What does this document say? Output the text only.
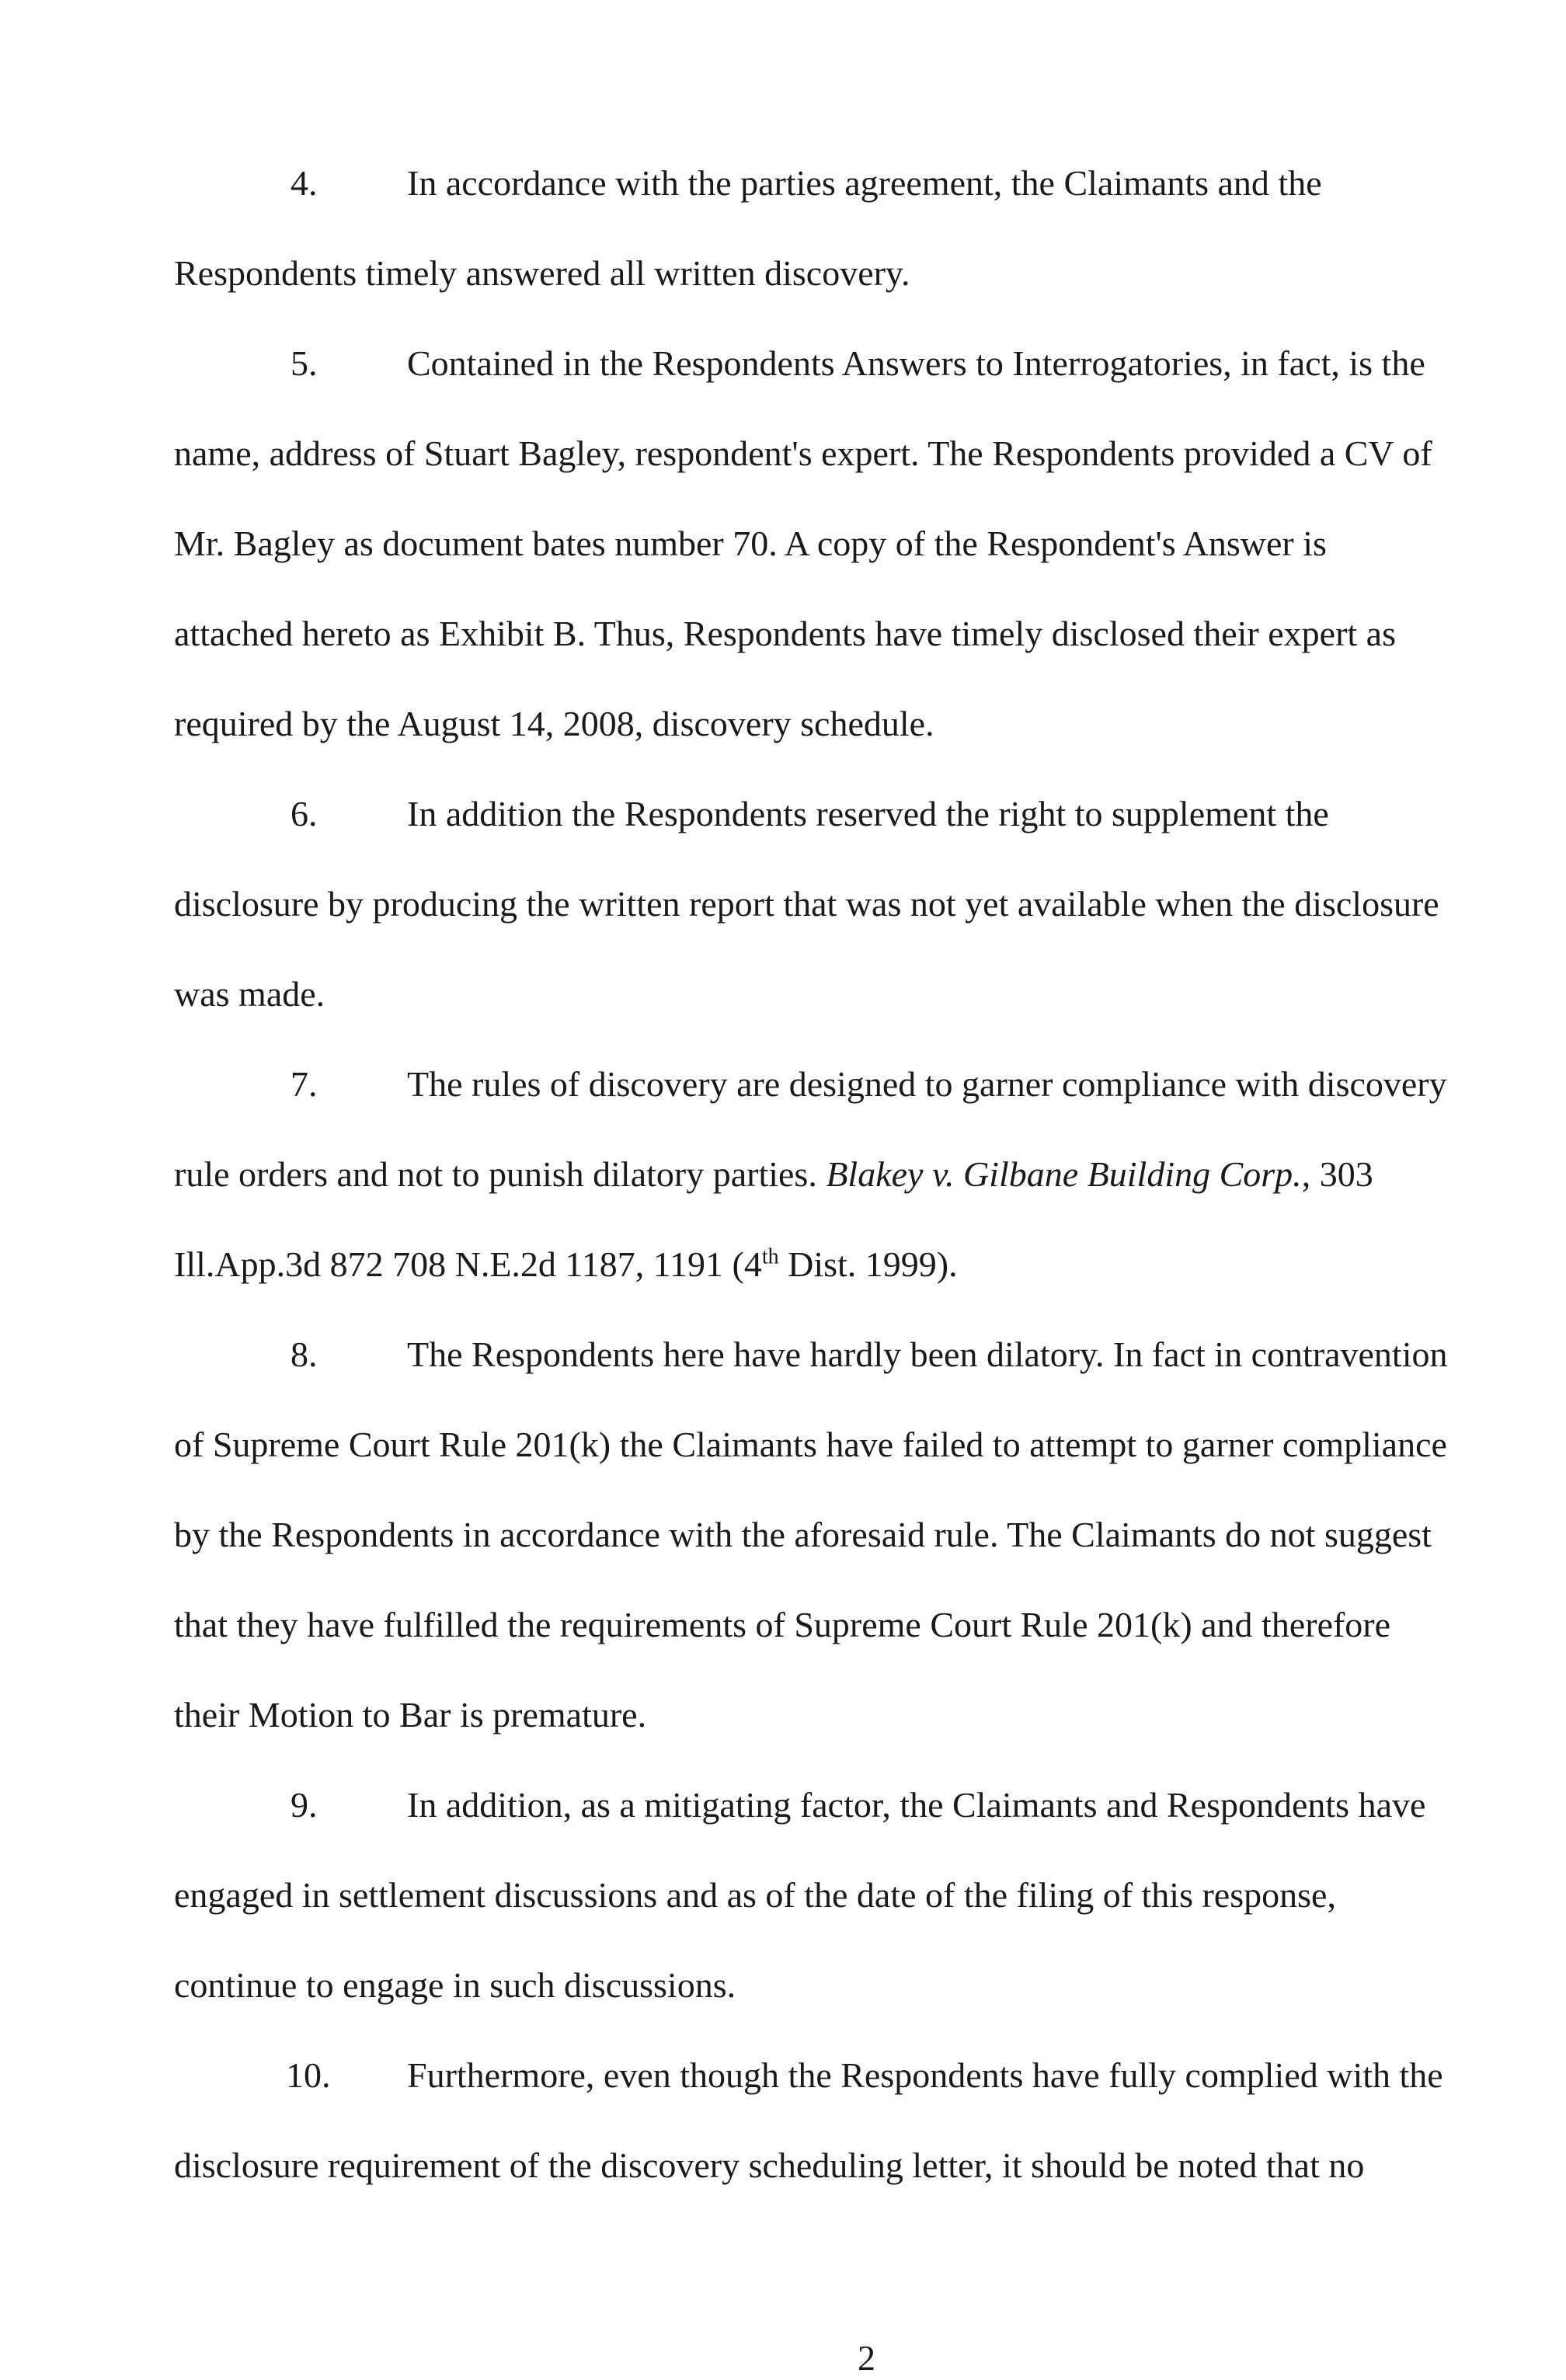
4.	In accordance with the parties agreement, the Claimants and the
Respondents timely answered all written discovery.
5.	Contained in the Respondents Answers to Interrogatories, in fact, is the
name, address of Stuart Bagley, respondent's expert. The Respondents provided a CV of
Mr. Bagley as document bates number 70. A copy of the Respondent's Answer is
attached hereto as Exhibit B. Thus, Respondents have timely disclosed their expert as
required by the August 14, 2008, discovery schedule.
6.	In addition the Respondents reserved the right to supplement the
disclosure by producing the written report that was not yet available when the disclosure
was made.
7.	The rules of discovery are designed to garner compliance with discovery
rule orders and not to punish dilatory parties. Blakey v. Gilbane Building Corp., 303
Ill.App.3d 872 708 N.E.2d 1187, 1191 (4th Dist. 1999).
8.	The Respondents here have hardly been dilatory. In fact in contravention
of Supreme Court Rule 201(k) the Claimants have failed to attempt to garner compliance
by the Respondents in accordance with the aforesaid rule. The Claimants do not suggest
that they have fulfilled the requirements of Supreme Court Rule 201(k) and therefore
their Motion to Bar is premature.
9.	In addition, as a mitigating factor, the Claimants and Respondents have
engaged in settlement discussions and as of the date of the filing of this response,
continue to engage in such discussions.
10. Furthermore, even though the Respondents have fully complied with the
disclosure requirement of the discovery scheduling letter, it should be noted that no
2
